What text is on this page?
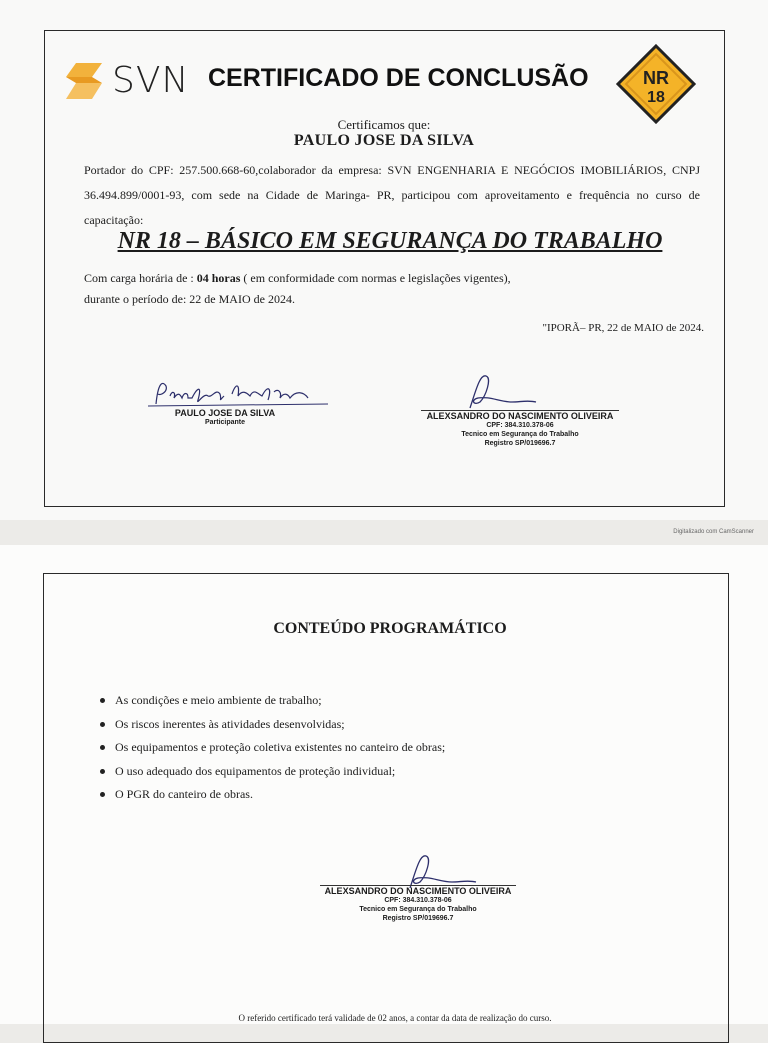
SVN CERTIFICADO DE CONCLUSÃO	NR
18
Certificamos que:
PAULO JOSE DA SILVA
Portador do CPF: 257.500.668-60,colaborador da empresa: SVN ENGENHARIA E NEGÓCIOS IMOBILIÁRIOS, CNPJ 36.494.899/0001-93, com sede na Cidade de Maringa- PR, participou com aproveitamento e frequência no curso de capacitação:
NR 18 – BÁSICO EM SEGURANÇA DO TRABALHO
Com carga horária de : 04 horas ( em conformidade com normas e legislações vigentes),
durante o período de: 22 de MAIO de 2024.
"IPORÃ– PR, 22 de MAIO de 2024.
PAULO JOSE DA SILVA
Participante
ALEXSANDRO DO NASCIMENTO OLIVEIRA
CPF: 384.310.378-06
Tecnico em Segurança do Trabalho
Registro SP/019696.7
Digitalizado com CamScanner
CONTEÚDO PROGRAMÁTICO
As condições e meio ambiente de trabalho;
Os riscos inerentes às atividades desenvolvidas;
Os equipamentos e proteção coletiva existentes no canteiro de obras;
O uso adequado dos equipamentos de proteção individual;
O PGR do canteiro de obras.
ALEXSANDRO DO NASCIMENTO OLIVEIRA
CPF: 384.310.378-06
Tecnico em Segurança do Trabalho
Registro SP/019696.7
O referido certificado terá validade de 02 anos, a contar da data de realização do curso.
